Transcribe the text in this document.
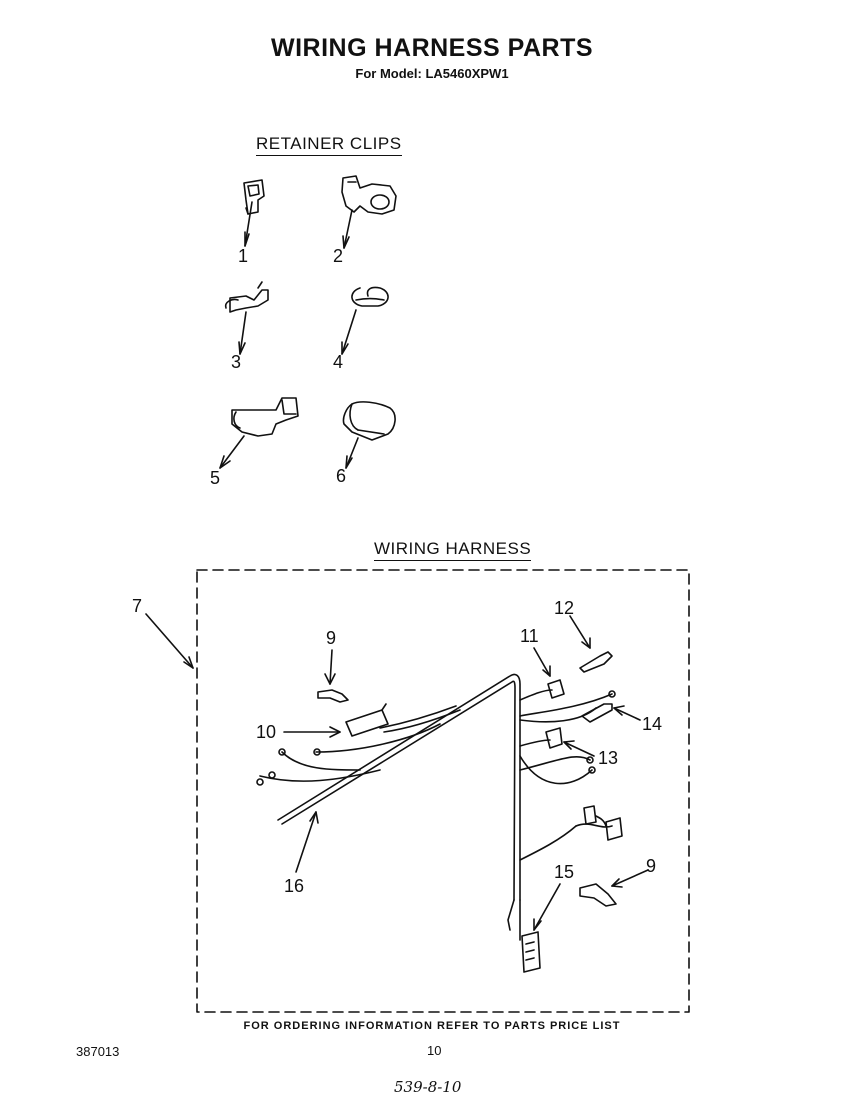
WIRING HARNESS PARTS
For Model: LA5460XPW1
RETAINER CLIPS
1	2
3	4
5	6
WIRING HARNESS
7
9
10
11
12
13
14
15
16
9
FOR ORDERING INFORMATION REFER TO PARTS PRICE LIST
387013	10
539-8-10
